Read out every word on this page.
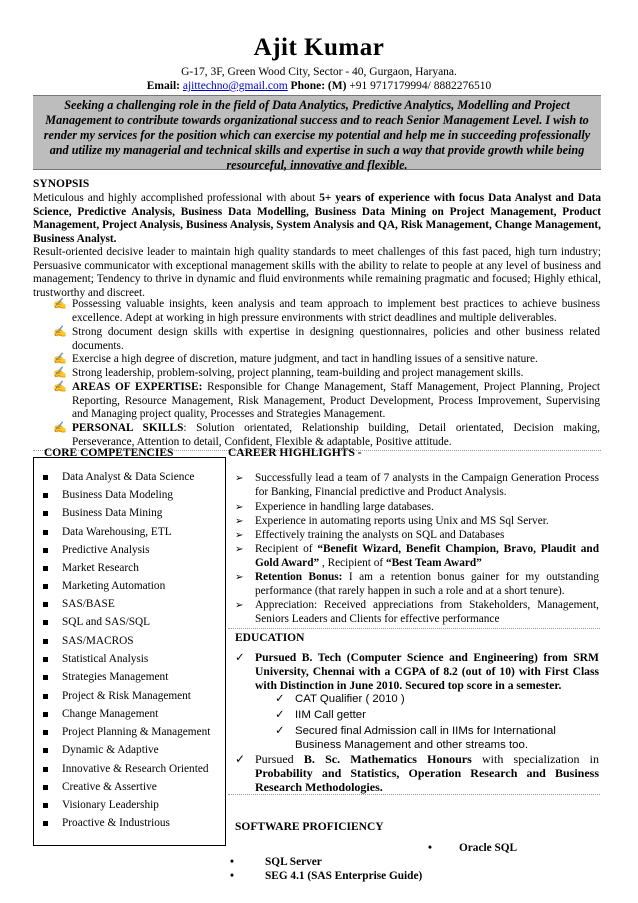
Ajit Kumar
G-17, 3F, Green Wood City, Sector - 40, Gurgaon, Haryana.
Email: ajittechno@gmail.com Phone: (M) +91 9717179994/ 8882276510
Seeking a challenging role in the field of Data Analytics, Predictive Analytics, Modelling and Project Management to contribute towards organizational success and to reach Senior Management Level. I wish to render my services for the position which can exercise my potential and help me in succeeding professionally and utilize my managerial and technical skills and expertise in such a way that provide growth while being resourceful, innovative and flexible.
SYNOPSIS
Meticulous and highly accomplished professional with about 5+ years of experience with focus Data Analyst and Data Science, Predictive Analysis, Business Data Modelling, Business Data Mining on Project Management, Product Management, Project Analysis, Business Analysis, System Analysis and QA, Risk Management, Change Management, Business Analyst.
Result-oriented decisive leader to maintain high quality standards to meet challenges of this fast paced, high turn industry; Persuasive communicator with exceptional management skills with the ability to relate to people at any level of business and management; Tendency to thrive in dynamic and fluid environments while remaining pragmatic and focused; Highly ethical, trustworthy and discreet.
✍ Possessing valuable insights, keen analysis and team approach to implement best practices to achieve business excellence. Adept at working in high pressure environments with strict deadlines and multiple deliverables.
✍ Strong document design skills with expertise in designing questionnaires, policies and other business related documents.
✍ Exercise a high degree of discretion, mature judgment, and tact in handling issues of a sensitive nature.
✍ Strong leadership, problem-solving, project planning, team-building and project management skills.
✍ AREAS OF EXPERTISE: Responsible for Change Management, Staff Management, Project Planning, Project Reporting, Resource Management, Risk Management, Product Development, Process Improvement, Supervising and Managing project quality, Processes and Strategies Management.
✍ PERSONAL SKILLS: Solution orientated, Relationship building, Detail orientated, Decision making, Perseverance, Attention to detail, Confident, Flexible & adaptable, Positive attitude.
CORE COMPETENCIES
Data Analyst & Data Science
Business Data Modeling
Business Data Mining
Data Warehousing, ETL
Predictive Analysis
Market Research
Marketing Automation
SAS/BASE
SQL and SAS/SQL
SAS/MACROS
Statistical Analysis
Strategies Management
Project & Risk Management
Change Management
Project Planning & Management
Dynamic & Adaptive
Innovative & Research Oriented
Creative & Assertive
Visionary Leadership
Proactive & Industrious
CAREER HIGHLIGHTS -
➢	Successfully lead a team of 7 analysts in the Campaign Generation Process for Banking, Financial predictive and Product Analysis.
➢	Experience in handling large databases.
➢	Experience in automating reports using Unix and MS Sql Server.
➢	Effectively training the analysts on SQL and Databases
➢	Recipient of “Benefit Wizard, Benefit Champion, Bravo, Plaudit and Gold Award” , Recipient of “Best Team Award”
➢	Retention Bonus: I am a retention bonus gainer for my outstanding performance (that rarely happen in such a role and at a short tenure).
➢	Appreciation: Received appreciations from Stakeholders, Management, Seniors Leaders and Clients for effective performance
EDUCATION
✓ Pursued B. Tech (Computer Science and Engineering) from SRM University, Chennai with a CGPA of 8.2 (out of 10) with First Class with Distinction in June 2010. Secured top score in a semester.
✓ CAT Qualifier ( 2010 )
✓ IIM Call getter
✓ Secured final Admission call in IIMs for International Business Management and other streams too.
✓ Pursued B. Sc. Mathematics Honours with specialization in Probability and Statistics, Operation Research and Business Research Methodologies.
SOFTWARE PROFICIENCY
• Oracle SQL
•	SQL Server
•	SEG 4.1 (SAS Enterprise Guide)
